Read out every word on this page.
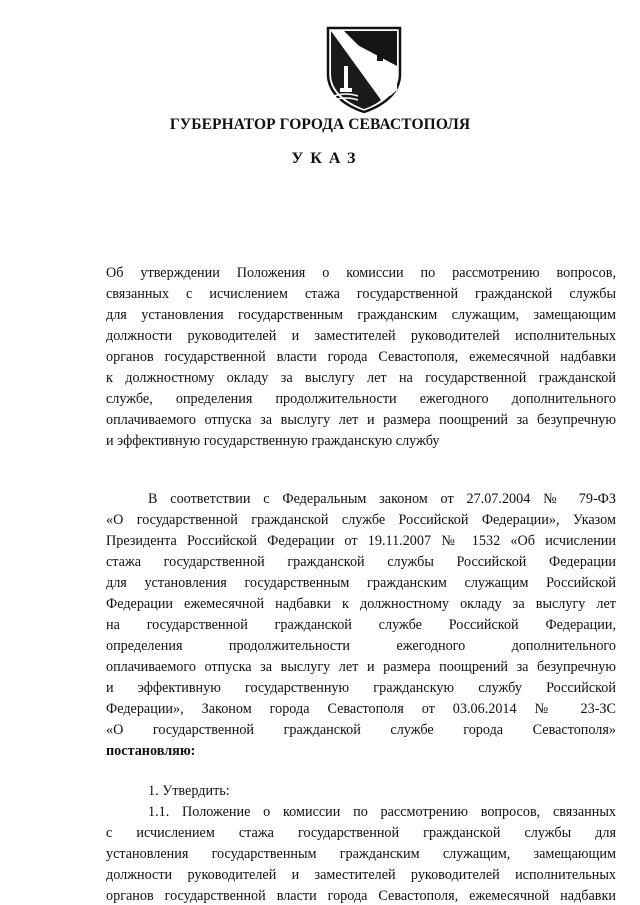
ГУБЕРНАТОР ГОРОДА СЕВАСТОПОЛЯ
УКАЗ
Об утверждении Положения о комиссии по рассмотрению вопросов,
связанных с исчислением стажа государственной гражданской службы
для установления государственным гражданским служащим, замещающим
должности руководителей и заместителей руководителей исполнительных
органов государственной власти города Севастополя, ежемесячной надбавки
к должностному окладу за выслугу лет на государственной гражданской
службе, определения продолжительности ежегодного дополнительного
оплачиваемого отпуска за выслугу лет и размера поощрений за безупречную
и эффективную государственную гражданскую службу
В соответствии с Федеральным законом от 27.07.2004 № 79-ФЗ
«О государственной гражданской службе Российской Федерации», Указом
Президента Российской Федерации от 19.11.2007 № 1532 «Об исчислении
стажа государственной гражданской службы Российской Федерации
для установления государственным гражданским служащим Российской
Федерации ежемесячной надбавки к должностному окладу за выслугу лет
на государственной гражданской службе Российской Федерации,
определения продолжительности ежегодного дополнительного
оплачиваемого отпуска за выслугу лет и размера поощрений за безупречную
и эффективную государственную гражданскую службу Российской
Федерации», Законом города Севастополя от 03.06.2014 № 23-ЗС
«О государственной гражданской службе города Севастополя»
постановляю:
1. Утвердить:
1.1. Положение о комиссии по рассмотрению вопросов, связанных
с исчислением стажа государственной гражданской службы для
установления государственным гражданским служащим, замещающим
должности руководителей и заместителей руководителей исполнительных
органов государственной власти города Севастополя, ежемесячной надбавки
